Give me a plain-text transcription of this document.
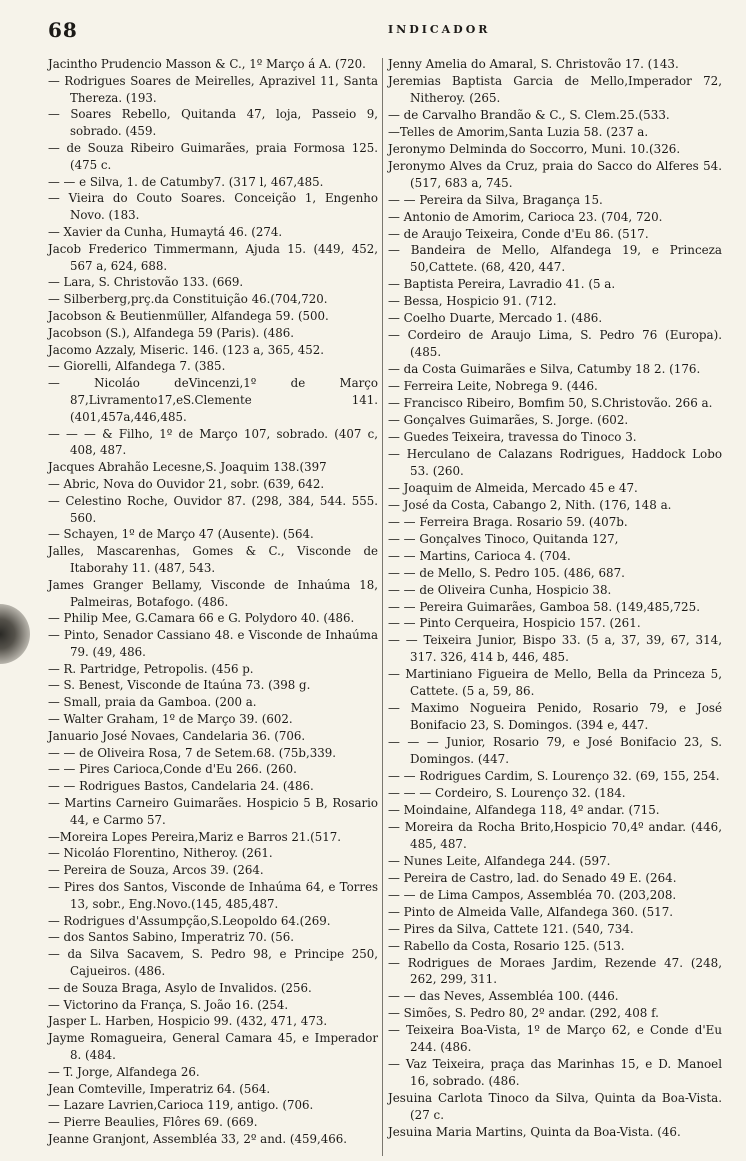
68	INDICADOR

Jacintho Prudencio Masson & C., 1º Março á A. (720.

— Rodrigues Soares de Meirelles, Aprazivel 11, Santa Thereza. (193.

— Soares Rebello, Quitanda 47, loja, Passeio 9, sobrado. (459.

— de Souza Ribeiro Guimarães, praia Formosa 125. (475 c.

— — e Silva, 1. de Catumby7. (317 l, 467,485.

— Vieira do Couto Soares. Conceição 1, Engenho Novo. (183.

— Xavier da Cunha, Humaytá 46. (274.

Jacob Frederico Timmermann, Ajuda 15. (449, 452, 567 a, 624, 688.

— Lara, S. Christovão 133. (669.

— Silberberg,prç.da Constituição 46.(704,720.

Jacobson & Beutienmüller, Alfandega 59. (500.

Jacobson (S.), Alfandega 59 (Paris). (486.

Jacomo Azzaly, Miseric. 146. (123 a, 365, 452.

— Giorelli, Alfandega 7. (385.

— Nicoláo deVincenzi,1º de Março 87,Livramento17,eS.Clemente 141.(401,457a,446,485.

— — — & Filho, 1º de Março 107, sobrado. (407 c, 408, 487.

Jacques Abrahão Lecesne,S. Joaquim 138.(397

— Abric, Nova do Ouvidor 21, sobr. (639, 642.

— Celestino Roche, Ouvidor 87. (298, 384, 544. 555. 560.

— Schayen, 1º de Março 47 (Ausente). (564.

Jalles, Mascarenhas, Gomes & C., Visconde de Itaborahy 11. (487, 543.

James Granger Bellamy, Visconde de Inhaúma 18, Palmeiras, Botafogo. (486.

— Philip Mee, G.Camara 66 e G. Polydoro 40. (486.

— Pinto, Senador Cassiano 48. e Visconde de Inhaúma 79. (49, 486.

— R. Partridge, Petropolis. (456 p.

— S. Benest, Visconde de Itaúna 73. (398 g.

— Small, praia da Gamboa. (200 a.

— Walter Graham, 1º de Março 39. (602.

Januario José Novaes, Candelaria 36. (706.

— — de Oliveira Rosa, 7 de Setem.68. (75b,339.

— — Pires Carioca,Conde d'Eu 266. (260.

— — Rodrigues Bastos, Candelaria 24. (486.

— Martins Carneiro Guimarães. Hospicio 5 B, Rosario 44, e Carmo 57.

—Moreira Lopes Pereira,Mariz e Barros 21.(517.

— Nicoláo Florentino, Nitheroy. (261.

— Pereira de Souza, Arcos 39. (264.

— Pires dos Santos, Visconde de Inhaúma 64, e Torres 13, sobr., Eng.Novo.(145, 485,487.

— Rodrigues d'Assumpção,S.Leopoldo 64.(269.

— dos Santos Sabino, Imperatriz 70. (56.

— da Silva Sacavem, S. Pedro 98, e Principe 250, Cajueiros. (486.

— de Souza Braga, Asylo de Invalidos. (256.

— Victorino da França, S. João 16. (254.

Jasper L. Harben, Hospicio 99. (432, 471, 473.

Jayme Romagueira, General Camara 45, e Imperador 8. (484.

— T. Jorge, Alfandega 26.

Jean Comteville, Imperatriz 64. (564.

— Lazare Lavrien,Carioca 119, antigo. (706.

— Pierre Beaulies, Flôres 69. (669.

Jeanne Granjont, Assembléa 33, 2º and. (459,466.

Jenny Amelia do Amaral, S. Christovão 17. (143.

Jeremias Baptista Garcia de Mello,Imperador 72, Nitheroy. (265.

— de Carvalho Brandão & C., S. Clem.25.(533.

—Telles de Amorim,Santa Luzia 58. (237 a.

Jeronymo Delminda do Soccorro, Muni. 10.(326.

Jeronymo Alves da Cruz, praia do Sacco do Alferes 54. (517, 683 a, 745.

— — Pereira da Silva, Bragança 15.

— Antonio de Amorim, Carioca 23. (704, 720.

— de Araujo Teixeira, Conde d'Eu 86. (517.

— Bandeira de Mello, Alfandega 19, e Princeza 50,Cattete. (68, 420, 447.

— Baptista Pereira, Lavradio 41. (5 a.

— Bessa, Hospicio 91. (712.

— Coelho Duarte, Mercado 1. (486.

— Cordeiro de Araujo Lima, S. Pedro 76 (Europa). (485.

— da Costa Guimarães e Silva, Catumby 18 2. (176.

— Ferreira Leite, Nobrega 9. (446.

— Francisco Ribeiro, Bomfim 50, S.Christovão. 266 a.

— Gonçalves Guimarães, S. Jorge. (602.

— Guedes Teixeira, travessa do Tinoco 3.

— Herculano de Calazans Rodrigues, Haddock Lobo 53. (260.

— Joaquim de Almeida, Mercado 45 e 47.

— José da Costa, Cabango 2, Nith. (176, 148 a.

— — Ferreira Braga. Rosario 59. (407b.

— — Gonçalves Tinoco, Quitanda 127,

— — Martins, Carioca 4. (704.

— — de Mello, S. Pedro 105. (486, 687.

— — de Oliveira Cunha, Hospicio 38.

— — Pereira Guimarães, Gamboa 58. (149,485,725.

— — Pinto Cerqueira, Hospicio 157. (261.

— — Teixeira Junior, Bispo 33. (5 a, 37, 39, 67, 314, 317. 326, 414 b, 446, 485.

— Martiniano Figueira de Mello, Bella da Princeza 5, Cattete. (5 a, 59, 86.

— Maximo Nogueira Penido, Rosario 79, e José Bonifacio 23, S. Domingos. (394 e, 447.

— — — Junior, Rosario 79, e José Bonifacio 23, S. Domingos. (447.

— — Rodrigues Cardim, S. Lourenço 32. (69, 155, 254.

— — — Cordeiro, S. Lourenço 32. (184.

— Moindaine, Alfandega 118, 4º andar. (715.

— Moreira da Rocha Brito,Hospicio 70,4º andar. (446, 485, 487.

— Nunes Leite, Alfandega 244. (597.

— Pereira de Castro, lad. do Senado 49 E. (264.

— — de Lima Campos, Assembléa 70. (203,208.

— Pinto de Almeida Valle, Alfandega 360. (517.

— Pires da Silva, Cattete 121. (540, 734.

— Rabello da Costa, Rosario 125. (513.

— Rodrigues de Moraes Jardim, Rezende 47. (248, 262, 299, 311.

— — das Neves, Assembléa 100. (446.

— Simões, S. Pedro 80, 2º andar. (292, 408 f.

— Teixeira Boa-Vista, 1º de Março 62, e Conde d'Eu 244. (486.

— Vaz Teixeira, praça das Marinhas 15, e D. Manoel 16, sobrado. (486.

Jesuina Carlota Tinoco da Silva, Quinta da Boa-Vista. (27 c.

Jesuina Maria Martins, Quinta da Boa-Vista. (46.
